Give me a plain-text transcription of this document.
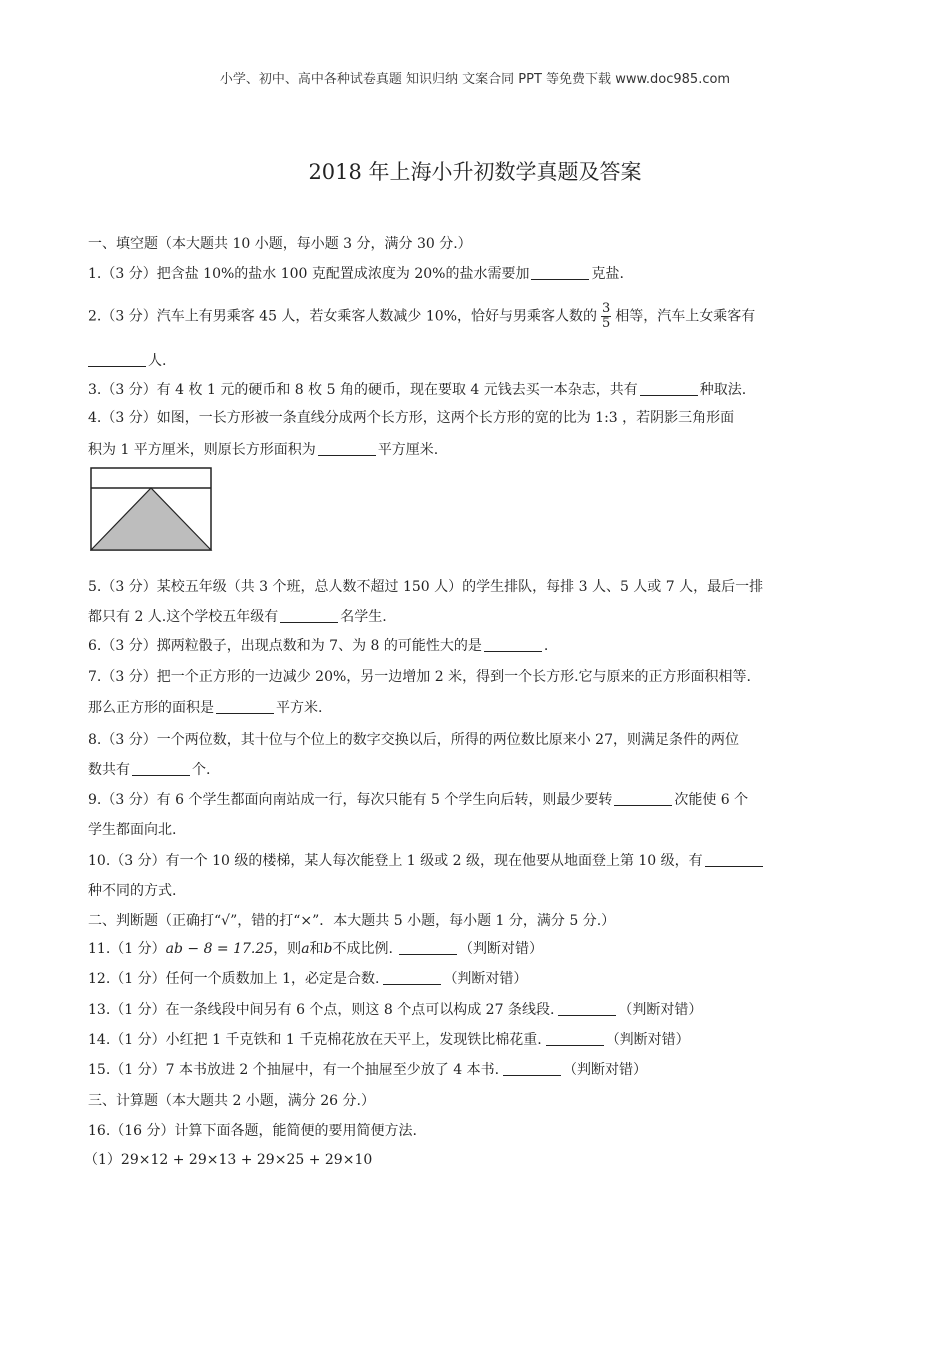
小学、初中、高中各种试卷真题 知识归纳 文案合同 PPT 等免费下载 www.doc985.com
2018 年上海小升初数学真题及答案
一、填空题（本大题共 10 小题，每小题 3 分，满分 30 分.）
1.（3 分）把含盐 10%的盐水 100 克配置成浓度为 20%的盐水需要加	克盐.
2.（3 分）汽车上有男乘客 45 人，若女乘客人数减少 10%，恰好与男乘客人数的 $\frac{3}{5}$ 相等，汽车上女乘客有
人.
3.（3 分）有 4 枚 1 元的硬币和 8 枚 5 角的硬币，现在要取 4 元钱去买一本杂志，共有	种取法.
4.（3 分）如图，一长方形被一条直线分成两个长方形，这两个长方形的宽的比为 1:3 ，若阴影三角形面
积为 1 平方厘米，则原长方形面积为	平方厘米.
5.（3 分）某校五年级（共 3 个班，总人数不超过 150 人）的学生排队，每排 3 人、5 人或 7 人，最后一排
都只有 2 人.这个学校五年级有	名学生.
6.（3 分）掷两粒骰子，出现点数和为 7、为 8 的可能性大的是	.
7.（3 分）把一个正方形的一边减少 20%，另一边增加 2 米，得到一个长方形.它与原来的正方形面积相等.
那么正方形的面积是	平方米.
8.（3 分）一个两位数，其十位与个位上的数字交换以后，所得的两位数比原来小 27，则满足条件的两位
数共有	个.
9.（3 分）有 6 个学生都面向南站成一行，每次只能有 5 个学生向后转，则最少要转	次能使 6 个
学生都面向北.
10.（3 分）有一个 10 级的楼梯，某人每次能登上 1 级或 2 级，现在他要从地面登上第 10 级，有
种不同的方式.
二、判断题（正确打“√”，错的打“×”．本大题共 5 小题，每小题 1 分，满分 5 分.）
11.（1 分）ab − 8 = 17.25，则a和b不成比例.	（判断对错）
12.（1 分）任何一个质数加上 1，必定是合数.	（判断对错）
13.（1 分）在一条线段中间另有 6 个点，则这 8 个点可以构成 27 条线段.	（判断对错）
14.（1 分）小红把 1 千克铁和 1 千克棉花放在天平上，发现铁比棉花重.	（判断对错）
15.（1 分）7 本书放进 2 个抽屉中，有一个抽屉至少放了 4 本书.	（判断对错）
三、计算题（本大题共 2 小题，满分 26 分.）
16.（16 分）计算下面各题，能简便的要用简便方法.
（1）29×12 + 29×13 + 29×25 + 29×10
